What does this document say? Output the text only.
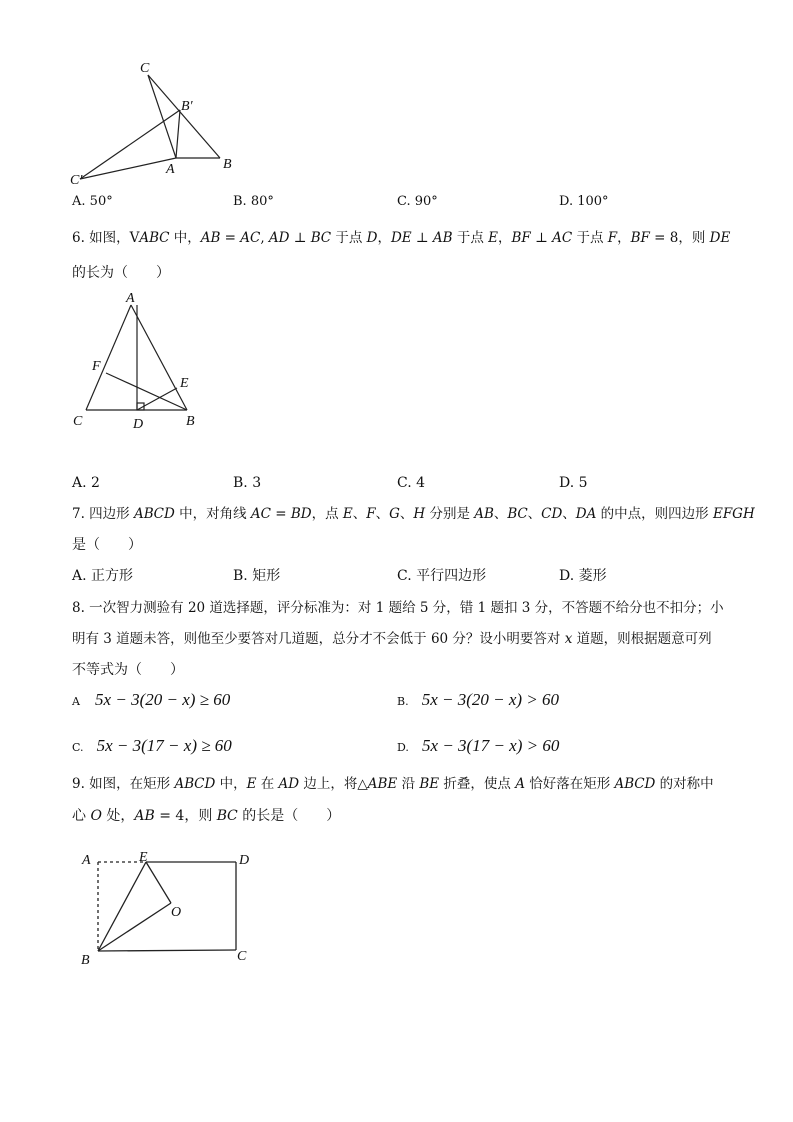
C
B′
C′
A	B
A. 50°	B. 80°	C. 90°	D. 100°
6. 如图，V𝐴𝐵𝐶 中，𝐴𝐵 = 𝐴𝐶, 𝐴𝐷 ⊥ 𝐵𝐶 于点 𝐷，𝐷𝐸 ⊥ 𝐴𝐵 于点 𝐸，𝐵𝐹 ⊥ 𝐴𝐶 于点 𝐹，𝐵𝐹 = 8，则 𝐷𝐸
的长为（　　）
A
F
E
C	D	B
A. 2	B. 3	C. 4	D. 5
7. 四边形 𝐴𝐵𝐶𝐷 中，对角线 𝐴𝐶 = 𝐵𝐷，点 𝐸、𝐹、𝐺、𝐻 分别是 𝐴𝐵、𝐵𝐶、𝐶𝐷、𝐷𝐴 的中点，则四边形 𝐸𝐹𝐺𝐻
是（　　）
A. 正方形	B. 矩形	C. 平行四边形	D. 菱形
8. 一次智力测验有 20 道选择题，评分标准为：对 1 题给 5 分，错 1 题扣 3 分，不答题不给分也不扣分；小
明有 3 道题未答，则他至少要答对几道题，总分才不会低于 60 分？设小明要答对 𝑥 道题，则根据题意可列
不等式为（　　）
A 5x − 3(20 − x) ≥ 60	B. 5x − 3(20 − x) > 60
C. 5x − 3(17 − x) ≥ 60	D. 5x − 3(17 − x) > 60
9. 如图，在矩形 𝐴𝐵𝐶𝐷 中，𝐸 在 𝐴𝐷 边上，将△𝐴𝐵𝐸 沿 𝐵𝐸 折叠，使点 𝐴 恰好落在矩形 𝐴𝐵𝐶𝐷 的对称中
心 𝑂 处，𝐴𝐵 = 4，则 𝐵𝐶 的长是（　　）
A	E	D
O
B	C
